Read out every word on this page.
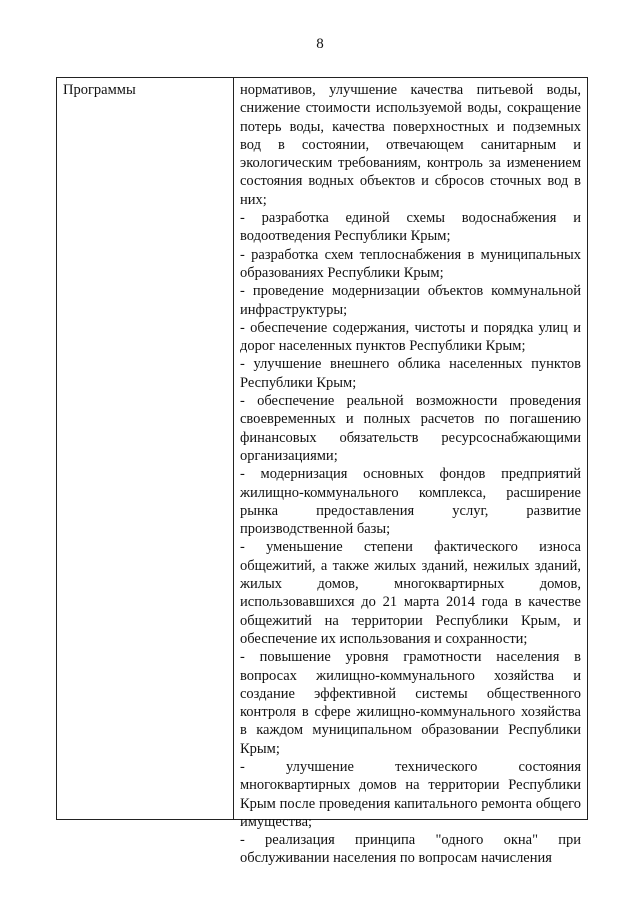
8
Программы	нормативов, улучшение качества питьевой воды, снижение стоимости используемой воды, сокращение потерь воды, качества поверхностных и подземных вод в состоянии, отвечающем санитарным и экологическим требованиям, контроль за изменением состояния водных объектов и сбросов сточных вод в них;

- разработка единой схемы водоснабжения и водоотведения Республики Крым;

- разработка схем теплоснабжения в муниципальных образованиях Республики Крым;

- проведение модернизации объектов коммунальной инфраструктуры;

- обеспечение содержания, чистоты и порядка улиц и дорог населенных пунктов Республики Крым;

- улучшение внешнего облика населенных пунктов Республики Крым;

- обеспечение реальной возможности проведения своевременных и полных расчетов по погашению финансовых обязательств ресурсоснабжающими организациями;

- модернизация основных фондов предприятий жилищно-коммунального комплекса, расширение рынка предоставления услуг, развитие производственной базы;

- уменьшение степени фактического износа общежитий, а также жилых зданий, нежилых зданий, жилых домов, многоквартирных домов, использовавшихся до 21 марта 2014 года в качестве общежитий на территории Республики Крым, и обеспечение их использования и сохранности;

- повышение уровня грамотности населения в вопросах жилищно-коммунального хозяйства и создание эффективной системы общественного контроля в сфере жилищно-коммунального хозяйства в каждом муниципальном образовании Республики Крым;

- улучшение технического состояния многоквартирных домов на территории Республики Крым после проведения капитального ремонта общего имущества;

- реализация принципа "одного окна" при обслуживании населения по вопросам начисления
